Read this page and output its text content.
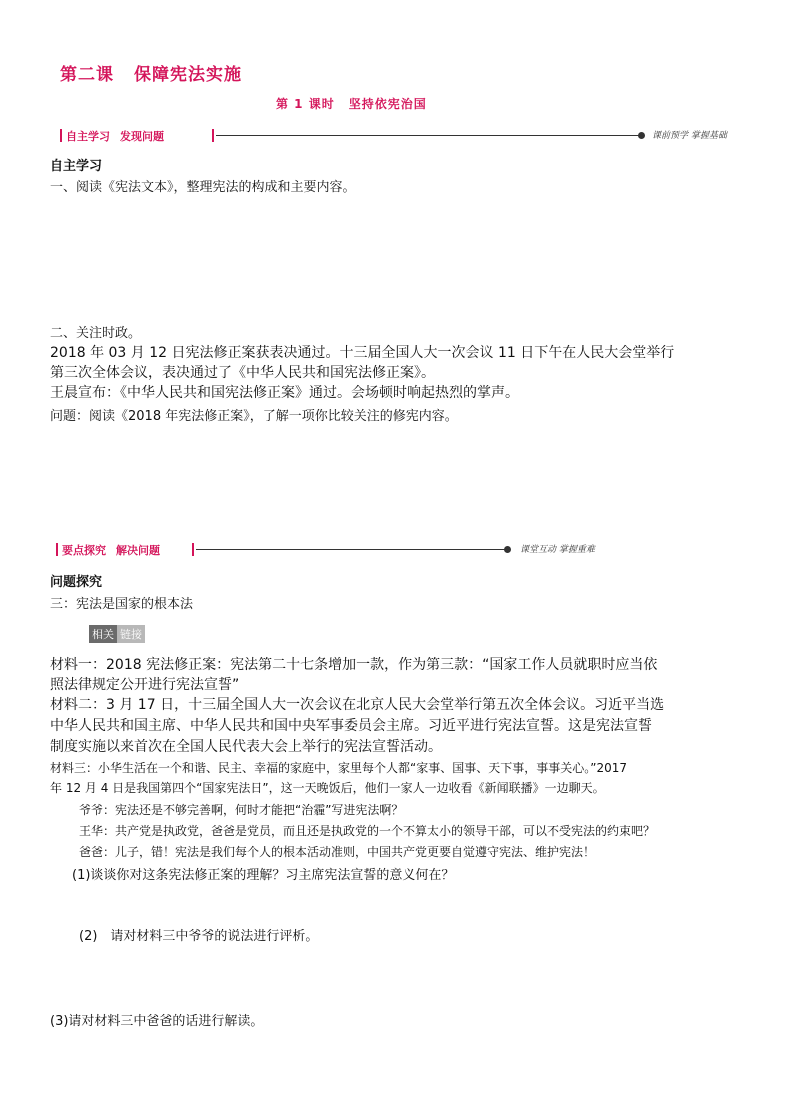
第二课 保障宪法实施
第 1 课时 坚持依宪治国
自主学习 发现问题	课前预学 掌握基础
自主学习
一、阅读《宪法文本》，整理宪法的构成和主要内容。
二、关注时政。
2018 年 03 月 12 日宪法修正案获表决通过。十三届全国人大一次会议 11 日下午在人民大会堂举行
第三次全体会议，表决通过了《中华人民共和国宪法修正案》。
王晨宣布：《中华人民共和国宪法修正案》通过。会场顿时响起热烈的掌声。
问题：阅读《2018 年宪法修正案》，了解一项你比较关注的修宪内容。
要点探究 解决问题	课堂互动 掌握重难
问题探究
三：宪法是国家的根本法
相关 链接
材料一：2018 宪法修正案：宪法第二十七条增加一款，作为第三款：“国家工作人员就职时应当依
照法律规定公开进行宪法宣誓”
材料二：3 月 17 日，十三届全国人大一次会议在北京人民大会堂举行第五次全体会议。习近平当选
中华人民共和国主席、中华人民共和国中央军事委员会主席。习近平进行宪法宣誓。这是宪法宣誓
制度实施以来首次在全国人民代表大会上举行的宪法宣誓活动。
材料三：小华生活在一个和谐、民主、幸福的家庭中，家里每个人都“家事、国事、天下事，事事关心。”2017
年 12 月 4 日是我国第四个“国家宪法日”，这一天晚饭后，他们一家人一边收看《新闻联播》一边聊天。
爷爷：宪法还是不够完善啊，何时才能把“治霾”写进宪法啊？
王华：共产党是执政党，爸爸是党员，而且还是执政党的一个不算太小的领导干部，可以不受宪法的约束吧？
爸爸：儿子，错！宪法是我们每个人的根本活动准则，中国共产党更要自觉遵守宪法、维护宪法！
(1)谈谈你对这条宪法修正案的理解？习主席宪法宣誓的意义何在？
(2)　请对材料三中爷爷的说法进行评析。
(3)请对材料三中爸爸的话进行解读。
